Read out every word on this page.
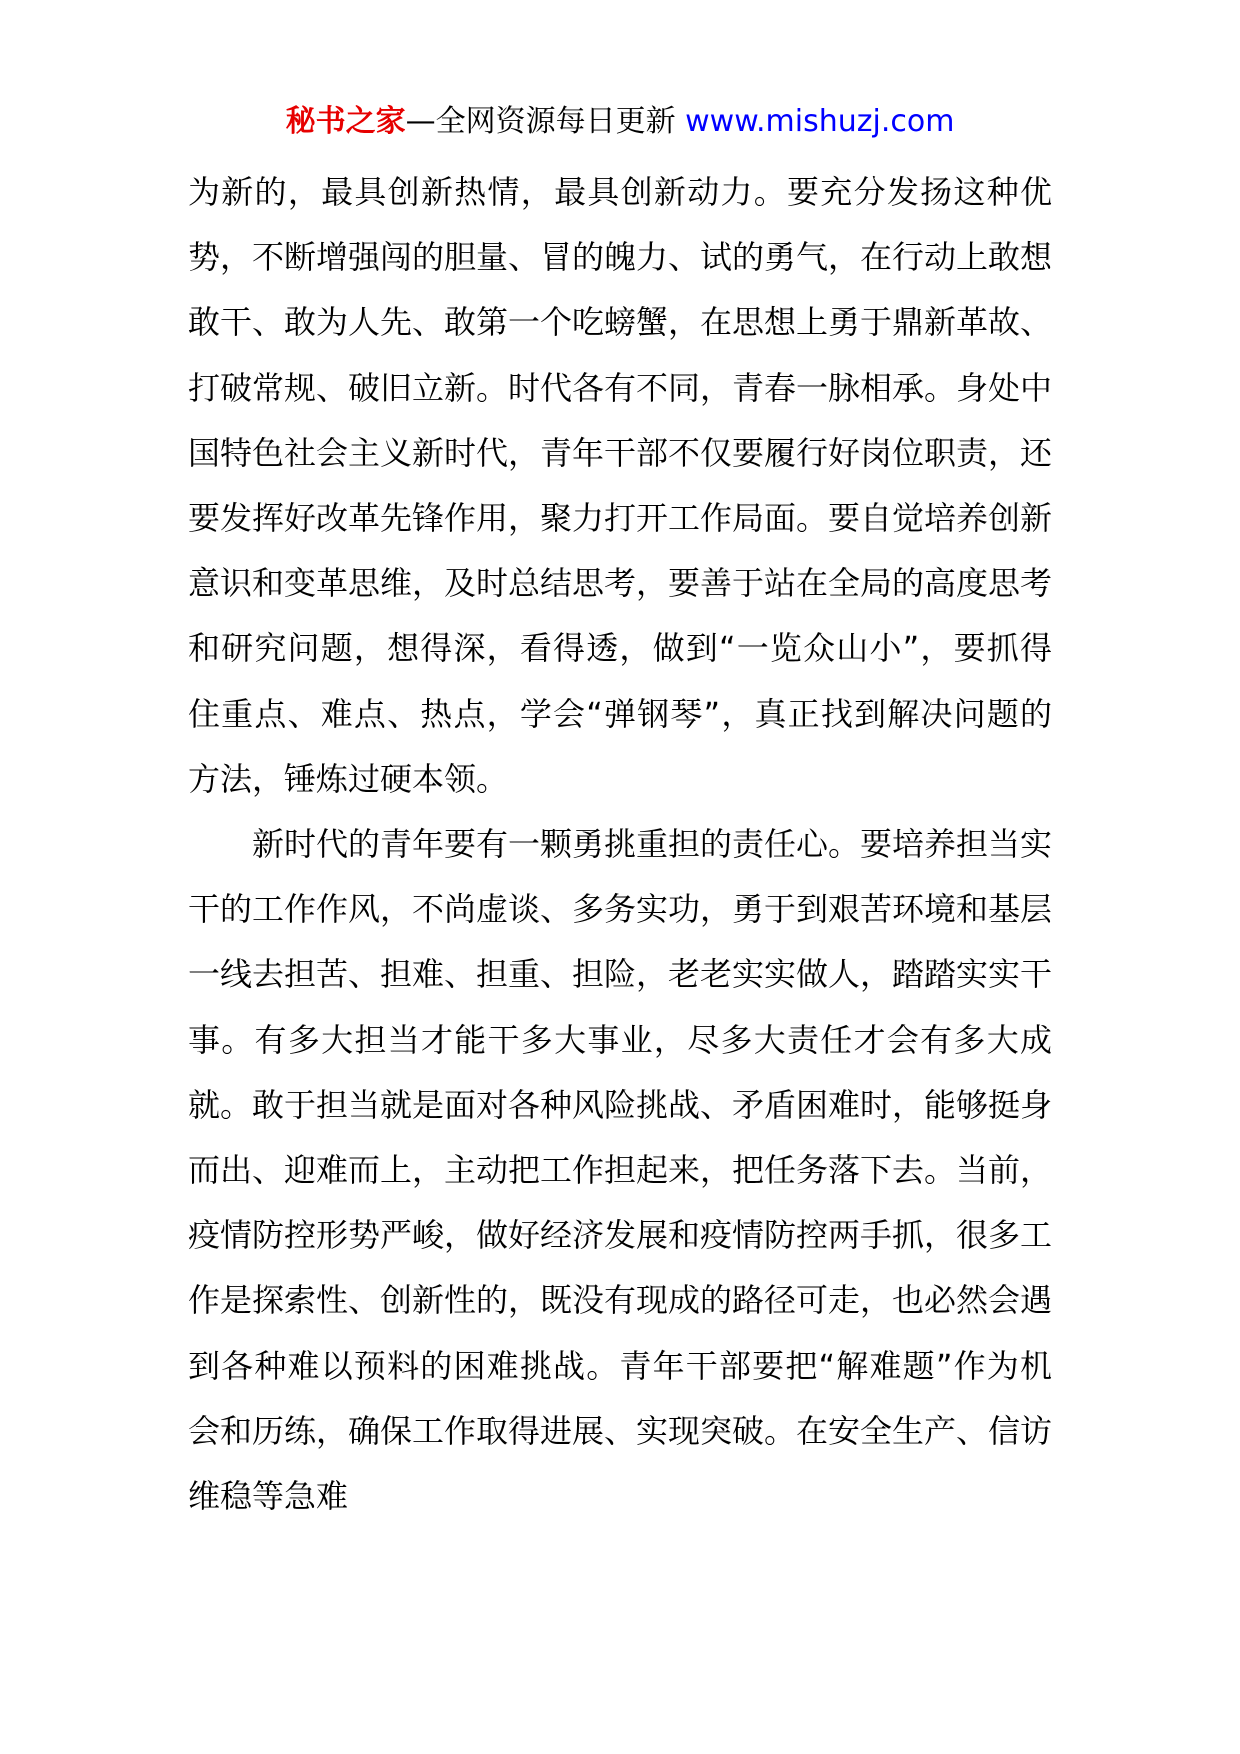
秘书之家—全网资源每日更新 www.mishuzj.com

为新的，最具创新热情，最具创新动力。要充分发扬这种优势，不断增强闯的胆量、冒的魄力、试的勇气，在行动上敢想敢干、敢为人先、敢第一个吃螃蟹，在思想上勇于鼎新革故、打破常规、破旧立新。时代各有不同，青春一脉相承。身处中国特色社会主义新时代，青年干部不仅要履行好岗位职责，还要发挥好改革先锋作用，聚力打开工作局面。要自觉培养创新意识和变革思维，及时总结思考，要善于站在全局的高度思考和研究问题，想得深，看得透，做到“一览众山小”，要抓得住重点、难点、热点，学会“弹钢琴”，真正找到解决问题的方法，锤炼过硬本领。

新时代的青年要有一颗勇挑重担的责任心。要培养担当实干的工作作风，不尚虚谈、多务实功，勇于到艰苦环境和基层一线去担苦、担难、担重、担险，老老实实做人，踏踏实实干事。有多大担当才能干多大事业，尽多大责任才会有多大成就。敢于担当就是面对各种风险挑战、矛盾困难时，能够挺身而出、迎难而上，主动把工作担起来，把任务落下去。当前，疫情防控形势严峻，做好经济发展和疫情防控两手抓，很多工作是探索性、创新性的，既没有现成的路径可走，也必然会遇到各种难以预料的困难挑战。青年干部要把“解难题”作为机会和历练，确保工作取得进展、实现突破。在安全生产、信访维稳等急难
